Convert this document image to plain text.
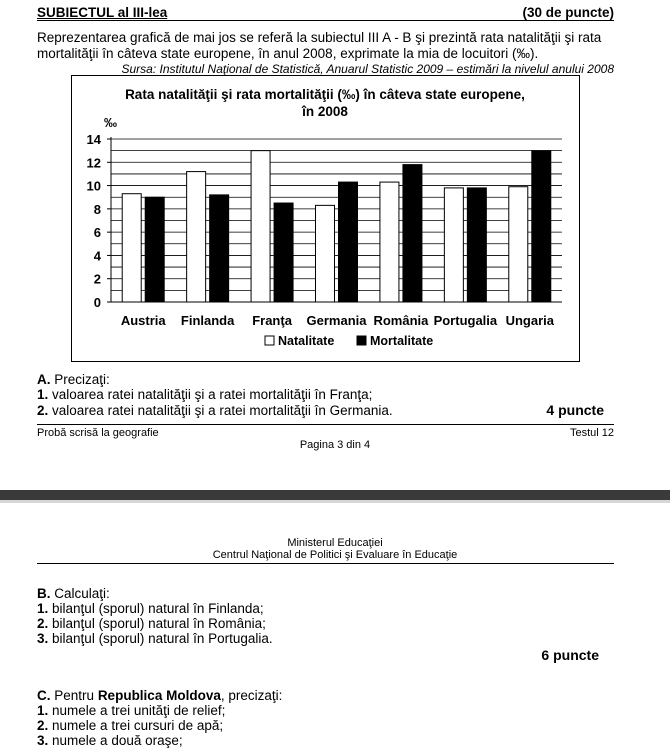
SUBIECTUL al III-lea	(30 de puncte)
Reprezentarea grafică de mai jos se referă la subiectul III A - B şi prezintă rata natalităţii şi rata
mortalităţii în câteva state europene, în anul 2008, exprimate la mia de locuitori (‰).
Sursa: Institutul Naţional de Statistică, Anuarul Statistic 2009 – estimări la nivelul anului 2008
Rata natalităţii şi rata mortalităţii (‰) în câteva state europene,
în 2008
‰
0
2
4
6
8
10
12
14
Austria Finlanda Franţa Germania România Portugalia Ungaria
Natalitate	Mortalitate
A. Precizaţi:
1. valoarea ratei natalităţii şi a ratei mortalităţii în Franţa;
2. valoarea ratei natalităţii şi a ratei mortalităţii în Germania.	4 puncte
Probă scrisă la geografie	Testul 12
Pagina 3 din 4
Ministerul Educaţiei
Centrul Naţional de Politici şi Evaluare în Educaţie
B. Calculaţi:
1. bilanţul (sporul) natural în Finlanda;
2. bilanţul (sporul) natural în România;
3. bilanţul (sporul) natural în Portugalia.
6 puncte
C. Pentru Republica Moldova, precizaţi:
1. numele a trei unităţi de relief;
2. numele a trei cursuri de apă;
3. numele a două oraşe;
